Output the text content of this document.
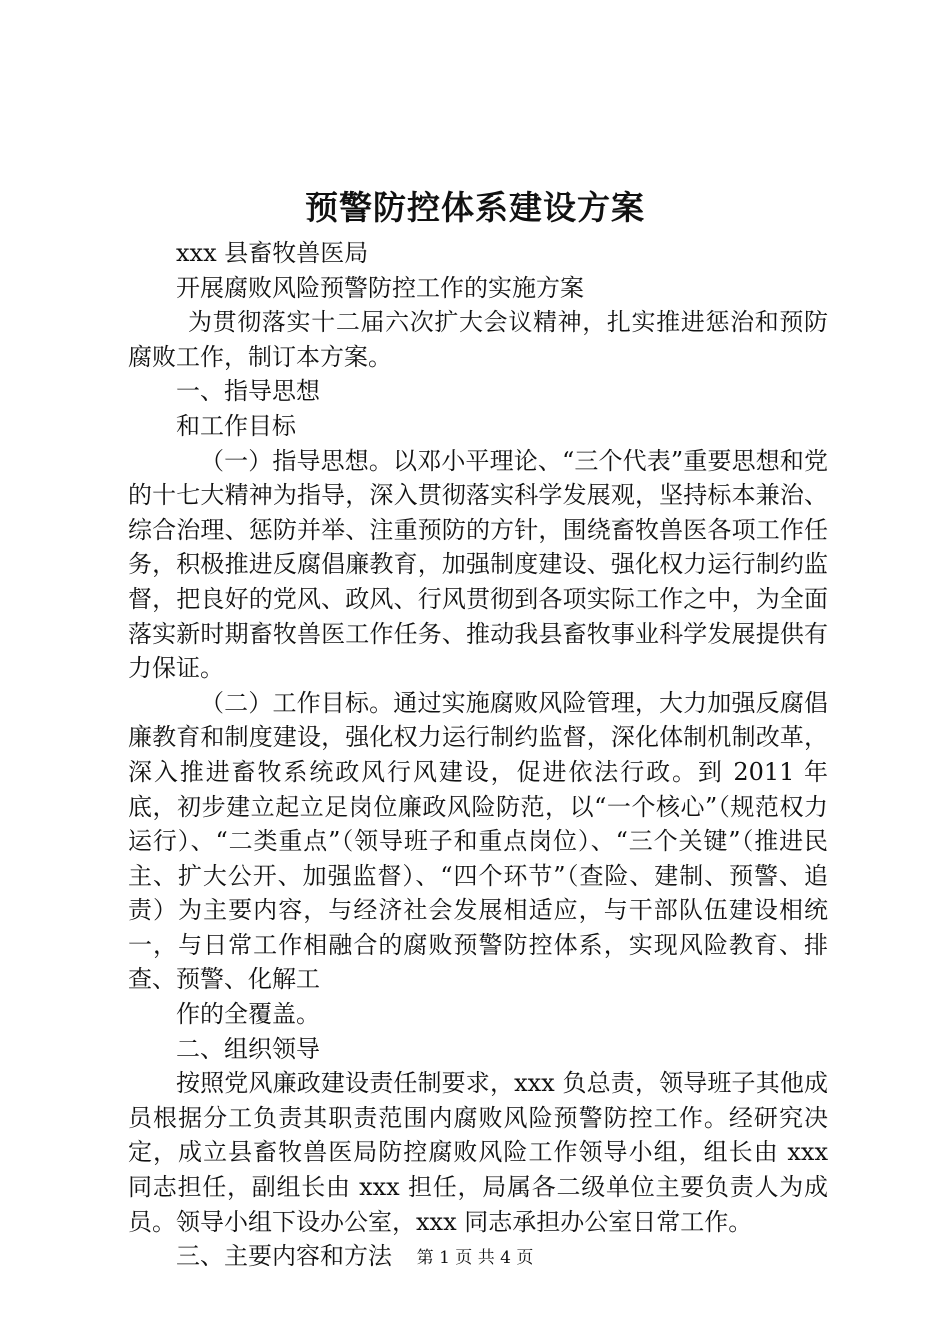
预警防控体系建设方案

xxx 县畜牧兽医局

开展腐败风险预警防控工作的实施方案

为贯彻落实十二届六次扩大会议精神，扎实推进惩治和预防腐败工作，制订本方案。

一、指导思想

和工作目标

（一）指导思想。以邓小平理论、“三个代表”重要思想和党的十七大精神为指导，深入贯彻落实科学发展观，坚持标本兼治、综合治理、惩防并举、注重预防的方针，围绕畜牧兽医各项工作任务，积极推进反腐倡廉教育，加强制度建设、强化权力运行制约监督，把良好的党风、政风、行风贯彻到各项实际工作之中，为全面落实新时期畜牧兽医工作任务、推动我县畜牧事业科学发展提供有力保证。

（二）工作目标。通过实施腐败风险管理，大力加强反腐倡廉教育和制度建设，强化权力运行制约监督，深化体制机制改革，深入推进畜牧系统政风行风建设，促进依法行政。到 2011 年底，初步建立起立足岗位廉政风险防范，以“一个核心”（规范权力运行）、“二类重点”（领导班子和重点岗位）、“三个关键”（推进民主、扩大公开、加强监督）、“四个环节”（查险、建制、预警、追责）为主要内容，与经济社会发展相适应，与干部队伍建设相统一，与日常工作相融合的腐败预警防控体系，实现风险教育、排查、预警、化解工

作的全覆盖。

二、组织领导

按照党风廉政建设责任制要求，xxx 负总责，领导班子其他成员根据分工负责其职责范围内腐败风险预警防控工作。经研究决定，成立县畜牧兽医局防控腐败风险工作领导小组，组长由 xxx 同志担任，副组长由 xxx 担任，局属各二级单位主要负责人为成员。领导小组下设办公室，xxx 同志承担办公室日常工作。

三、主要内容和方法	第 1 页 共 4 页
